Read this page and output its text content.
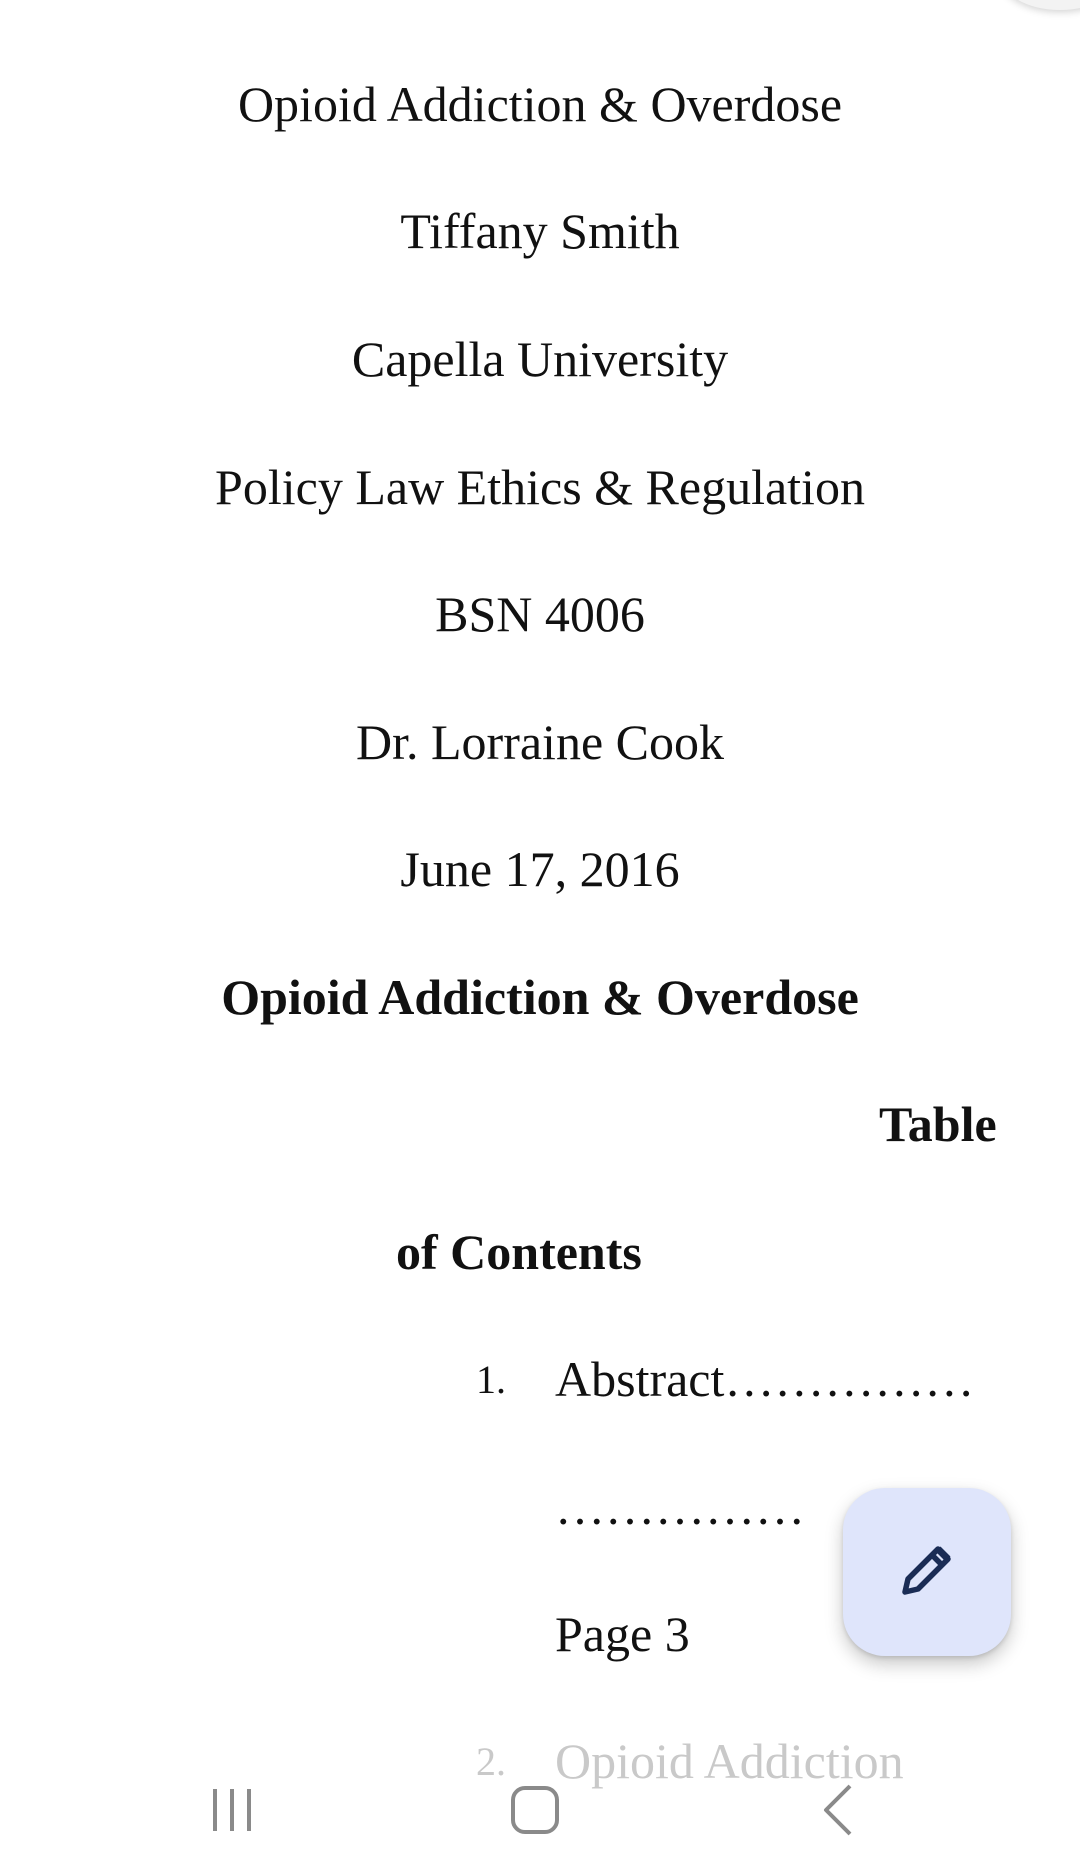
Opioid Addiction & Overdose
Tiffany Smith
Capella University
Policy Law Ethics & Regulation
BSN 4006
Dr. Lorraine Cook
June 17, 2016
Opioid Addiction & Overdose
Table
of Contents
1. Abstract……………
……………
Page 3
2. Opioid Addiction
